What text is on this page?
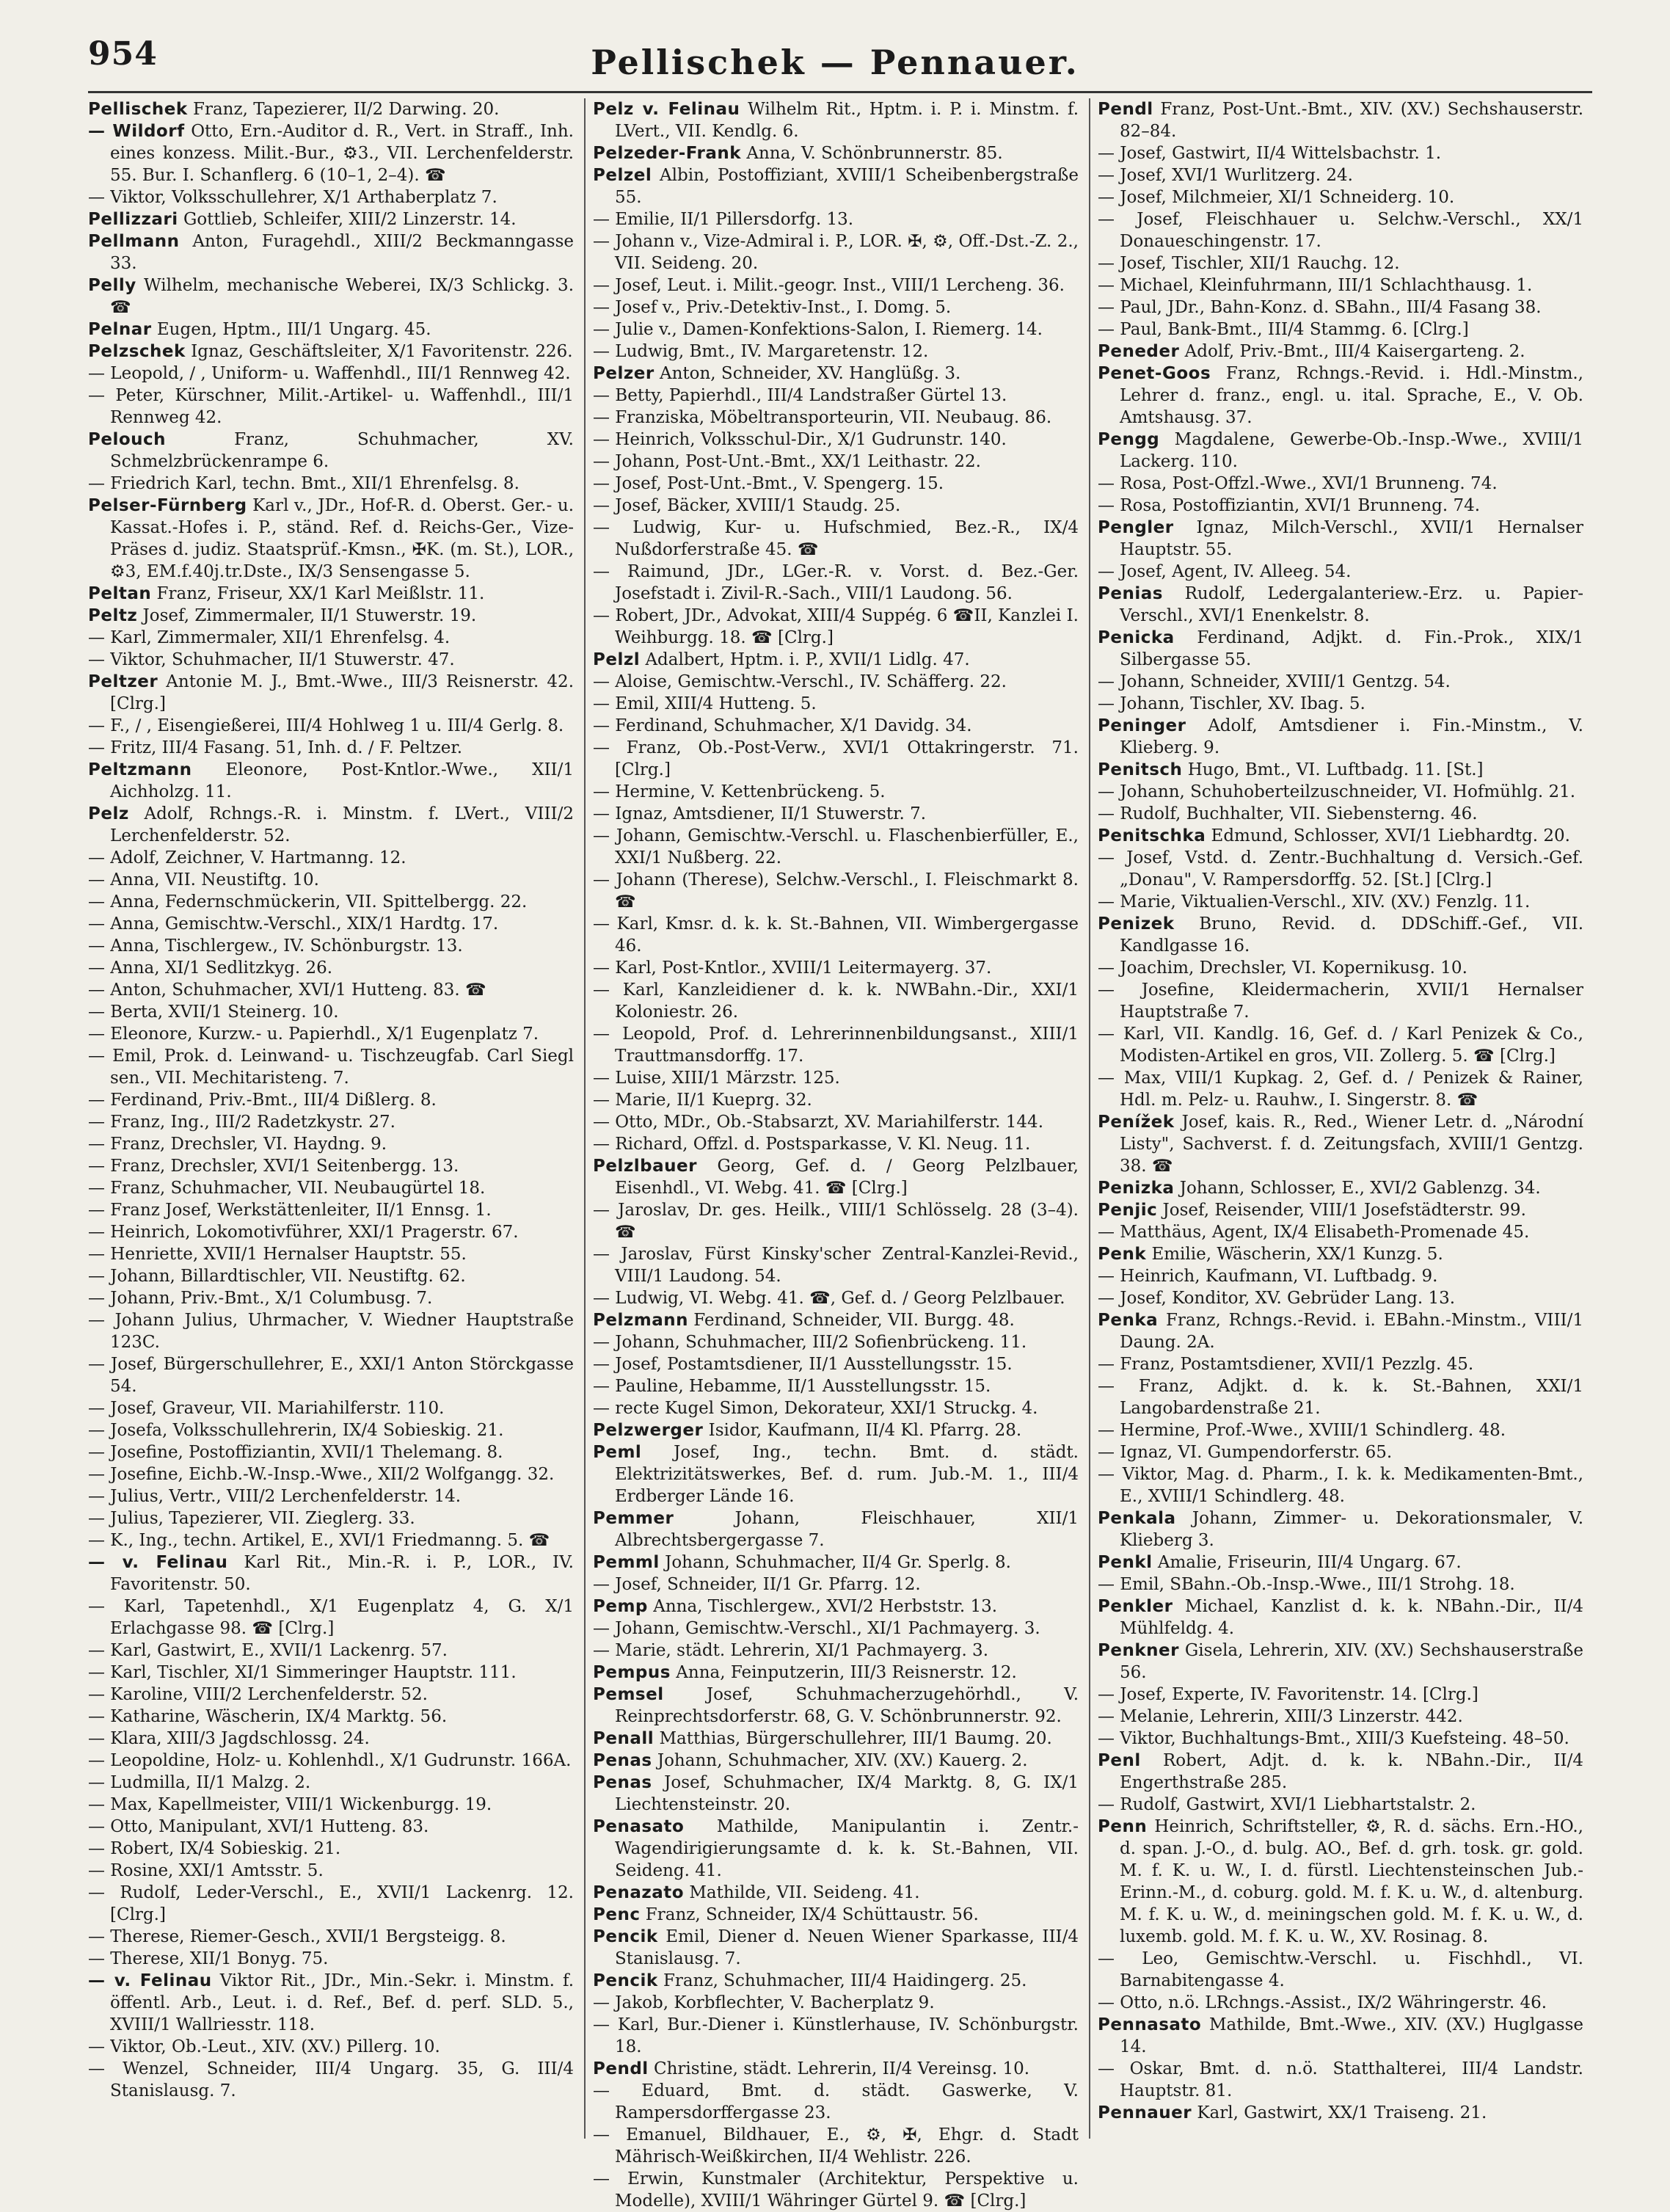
954	Pellischek — Pennauer.

Pellischek Franz, Tapezierer, II/2 Darwing. 20.

— Wildorf Otto, Ern.-Auditor d. R., Vert. in Straff., Inh. eines konzess. Milit.-Bur., ⚙3., VII. Lerchenfelderstr. 55. Bur. I. Schanflerg. 6 (10–1, 2–4). ☎

— Viktor, Volksschullehrer, X/1 Arthaberplatz 7.

Pellizzari Gottlieb, Schleifer, XIII/2 Linzerstr. 14.

Pellmann Anton, Furagehdl., XIII/2 Beckmanngasse 33.

Pelly Wilhelm, mechanische Weberei, IX/3 Schlickg. 3. ☎

Pelnar Eugen, Hptm., III/1 Ungarg. 45.

Pelzschek Ignaz, Geschäftsleiter, X/1 Favoritenstr. 226.

— Leopold, ∕ , Uniform- u. Waffenhdl., III/1 Rennweg 42.

— Peter, Kürschner, Milit.-Artikel- u. Waffenhdl., III/1 Rennweg 42.

Pelouch	Franz, Schuhmacher, XV. Schmelzbrückenrampe 6.

— Friedrich Karl, techn. Bmt., XII/1 Ehrenfelsg. 8.

Pelser-Fürnberg Karl v., JDr., Hof-R. d. Oberst. Ger.- u. Kassat.-Hofes i. P., ständ. Ref. d. Reichs-Ger., Vize-Präses d. judiz. Staatsprüf.-Kmsn., ✠K. (m. St.), LOR., ⚙3, EM.f.40j.tr.Dste., IX/3 Sensengasse 5.

Peltan Franz, Friseur, XX/1 Karl Meißlstr. 11.

Peltz Josef, Zimmermaler, II/1 Stuwerstr. 19.

— Karl, Zimmermaler, XII/1 Ehrenfelsg. 4.

— Viktor, Schuhmacher, II/1 Stuwerstr. 47.

Peltzer Antonie M. J., Bmt.-Wwe., III/3 Reisnerstr. 42. [Clrg.]

— F., ∕ , Eisengießerei, III/4 Hohlweg 1 u. III/4 Gerlg. 8.

— Fritz, III/4 Fasang. 51, Inh. d. ∕ F. Peltzer.

Peltzmann Eleonore, Post-Kntlor.-Wwe., XII/1 Aichholzg. 11.

Pelz Adolf, Rchngs.-R. i. Minstm. f. LVert., VIII/2 Lerchenfelderstr. 52.

— Adolf, Zeichner, V. Hartmanng. 12.

— Anna, VII. Neustiftg. 10.

— Anna, Federnschmückerin, VII. Spittelbergg. 22.

— Anna, Gemischtw.-Verschl., XIX/1 Hardtg. 17.

— Anna, Tischlergew., IV. Schönburgstr. 13.

— Anna, XI/1 Sedlitzkyg. 26.

— Anton, Schuhmacher, XVI/1 Hutteng. 83. ☎

— Berta, XVII/1 Steinerg. 10.

— Eleonore, Kurzw.- u. Papierhdl., X/1 Eugenplatz 7.

— Emil, Prok. d. Leinwand- u. Tischzeugfab. Carl Siegl sen., VII. Mechitaristeng. 7.

— Ferdinand, Priv.-Bmt., III/4 Dißlerg. 8.

— Franz, Ing., III/2 Radetzkystr. 27.

— Franz, Drechsler, VI. Haydng. 9.

— Franz, Drechsler, XVI/1 Seitenbergg. 13.

— Franz, Schuhmacher, VII. Neubaugürtel 18.

— Franz Josef, Werkstättenleiter, II/1 Ennsg. 1.

— Heinrich, Lokomotivführer, XXI/1 Pragerstr. 67.

— Henriette, XVII/1 Hernalser Hauptstr. 55.

— Johann, Billardtischler, VII. Neustiftg. 62.

— Johann, Priv.-Bmt., X/1 Columbusg. 7.

— Johann Julius, Uhrmacher, V. Wiedner Hauptstraße 123C.

— Josef, Bürgerschullehrer, E., XXI/1 Anton Störckgasse 54.

— Josef, Graveur, VII. Mariahilferstr. 110.

— Josefa, Volksschullehrerin, IX/4 Sobieskig. 21.

— Josefine, Postoffiziantin, XVII/1 Thelemang. 8.

— Josefine, Eichb.-W.-Insp.-Wwe., XII/2 Wolfgangg. 32.

— Julius, Vertr., VIII/2 Lerchenfelderstr. 14.

— Julius, Tapezierer, VII. Zieglerg. 33.

— K., Ing., techn. Artikel, E., XVI/1 Friedmanng. 5. ☎

— v. Felinau Karl Rit., Min.-R. i. P., LOR., IV. Favoritenstr. 50.

— Karl, Tapetenhdl., X/1 Eugenplatz 4, G. X/1 Erlachgasse 98. ☎ [Clrg.]

— Karl, Gastwirt, E., XVII/1 Lackenrg. 57.

— Karl, Tischler, XI/1 Simmeringer Hauptstr. 111.

— Karoline, VIII/2 Lerchenfelderstr. 52.

— Katharine, Wäscherin, IX/4 Marktg. 56.

— Klara, XIII/3 Jagdschlossg. 24.

— Leopoldine, Holz- u. Kohlenhdl., X/1 Gudrunstr. 166A.

— Ludmilla, II/1 Malzg. 2.

— Max, Kapellmeister, VIII/1 Wickenburgg. 19.

— Otto, Manipulant, XVI/1 Hutteng. 83.

— Robert, IX/4 Sobieskig. 21.

— Rosine, XXI/1 Amtsstr. 5.

— Rudolf, Leder-Verschl., E., XVII/1 Lackenrg. 12. [Clrg.]

— Therese, Riemer-Gesch., XVII/1 Bergsteigg. 8.

— Therese, XII/1 Bonyg. 75.

— v. Felinau Viktor Rit., JDr., Min.-Sekr. i. Minstm. f. öffentl. Arb., Leut. i. d. Ref., Bef. d. perf. SLD. 5., XVIII/1 Wallriesstr. 118.

— Viktor, Ob.-Leut., XIV. (XV.) Pillerg. 10.

— Wenzel, Schneider, III/4 Ungarg. 35, G. III/4 Stanislausg. 7.

Pelz v. Felinau Wilhelm Rit., Hptm. i. P. i. Minstm. f. LVert., VII. Kendlg. 6.

Pelzeder-Frank Anna, V. Schönbrunnerstr. 85.

Pelzel Albin, Postoffiziant, XVIII/1 Scheibenbergstraße 55.

— Emilie, II/1 Pillersdorfg. 13.

— Johann v., Vize-Admiral i. P., LOR. ✠, ⚙, Off.-Dst.-Z. 2., VII. Seideng. 20.

— Josef, Leut. i. Milit.-geogr. Inst., VIII/1 Lercheng. 36.

— Josef v., Priv.-Detektiv-Inst., I. Domg. 5.

— Julie v., Damen-Konfektions-Salon, I. Riemerg. 14.

— Ludwig, Bmt., IV. Margaretenstr. 12.

Pelzer Anton, Schneider, XV. Hanglüßg. 3.

— Betty, Papierhdl., III/4 Landstraßer Gürtel 13.

— Franziska, Möbeltransporteurin, VII. Neubaug. 86.

— Heinrich, Volksschul-Dir., X/1 Gudrunstr. 140.

— Johann, Post-Unt.-Bmt., XX/1 Leithastr. 22.

— Josef, Post-Unt.-Bmt., V. Spengerg. 15.

— Josef, Bäcker, XVIII/1 Staudg. 25.

— Ludwig, Kur- u. Hufschmied, Bez.-R., IX/4 Nußdorferstraße 45. ☎

— Raimund, JDr., LGer.-R. v. Vorst. d. Bez.-Ger. Josefstadt i. Zivil-R.-Sach., VIII/1 Laudong. 56.

— Robert, JDr., Advokat, XIII/4 Suppég. 6 ☎II, Kanzlei I. Weihburgg. 18. ☎ [Clrg.]

Pelzl Adalbert, Hptm. i. P., XVII/1 Lidlg. 47.

— Aloise, Gemischtw.-Verschl., IV. Schäfferg. 22.

— Emil, XIII/4 Hutteng. 5.

— Ferdinand, Schuhmacher, X/1 Davidg. 34.

— Franz, Ob.-Post-Verw., XVI/1 Ottakringerstr. 71. [Clrg.]

— Hermine, V. Kettenbrückeng. 5.

— Ignaz, Amtsdiener, II/1 Stuwerstr. 7.

— Johann, Gemischtw.-Verschl. u. Flaschenbierfüller, E., XXI/1 Nußberg. 22.

— Johann (Therese), Selchw.-Verschl., I. Fleischmarkt 8. ☎

— Karl, Kmsr. d. k. k. St.-Bahnen, VII. Wimbergergasse 46.

— Karl, Post-Kntlor., XVIII/1 Leitermayerg. 37.

— Karl, Kanzleidiener d. k. k. NWBahn.-Dir., XXI/1 Koloniestr. 26.

— Leopold, Prof. d. Lehrerinnenbildungsanst., XIII/1 Trauttmansdorffg. 17.

— Luise, XIII/1 Märzstr. 125.

— Marie, II/1 Kueprg. 32.

— Otto, MDr., Ob.-Stabsarzt, XV. Mariahilferstr. 144.

— Richard, Offzl. d. Postsparkasse, V. Kl. Neug. 11.

Pelzlbauer Georg, Gef. d. ∕ Georg Pelzlbauer, Eisenhdl., VI. Webg. 41. ☎ [Clrg.]

— Jaroslav, Dr. ges. Heilk., VIII/1 Schlösselg. 28 (3–4). ☎

— Jaroslav, Fürst Kinsky'scher Zentral-Kanzlei-Revid., VIII/1 Laudong. 54.

— Ludwig, VI. Webg. 41. ☎, Gef. d. ∕ Georg Pelzlbauer.

Pelzmann Ferdinand, Schneider, VII. Burgg. 48.

— Johann, Schuhmacher, III/2 Sofienbrückeng. 11.

— Josef, Postamtsdiener, II/1 Ausstellungsstr. 15.

— Pauline, Hebamme, II/1 Ausstellungsstr. 15.

— recte Kugel Simon, Dekorateur, XXI/1 Struckg. 4.

Pelzwerger Isidor, Kaufmann, II/4 Kl. Pfarrg. 28.

Peml Josef, Ing., techn. Bmt. d. städt. Elektrizitätswerkes, Bef. d. rum. Jub.-M. 1., III/4 Erdberger Lände 16.

Pemmer	Johann, Fleischhauer, XII/1 Albrechtsbergergasse 7.

Pemml Johann, Schuhmacher, II/4 Gr. Sperlg. 8.

— Josef, Schneider, II/1 Gr. Pfarrg. 12.

Pemp Anna, Tischlergew., XVI/2 Herbststr. 13.

— Johann, Gemischtw.-Verschl., XI/1 Pachmayerg. 3.

— Marie, städt. Lehrerin, XI/1 Pachmayerg. 3.

Pempus Anna, Feinputzerin, III/3 Reisnerstr. 12.

Pemsel	Josef, Schuhmacherzugehörhdl., V. Reinprechtsdorferstr. 68, G. V. Schönbrunnerstr. 92.

Penall Matthias, Bürgerschullehrer, III/1 Baumg. 20.

Penas Johann, Schuhmacher, XIV. (XV.) Kauerg. 2.

Penas Josef, Schuhmacher, IX/4 Marktg. 8, G. IX/1 Liechtensteinstr. 20.

Penasato Mathilde, Manipulantin i. Zentr.-Wagendirigierungsamte d. k. k. St.-Bahnen, VII. Seideng. 41.

Penazato Mathilde, VII. Seideng. 41.

Penc Franz, Schneider, IX/4 Schüttaustr. 56.

Pencik Emil, Diener d. Neuen Wiener Sparkasse, III/4 Stanislausg. 7.

Pencik Franz, Schuhmacher, III/4 Haidingerg. 25.

— Jakob, Korbflechter, V. Bacherplatz 9.

— Karl, Bur.-Diener i. Künstlerhause, IV. Schönburgstr. 18.

Pendl Christine, städt. Lehrerin, II/4 Vereinsg. 10.

— Eduard, Bmt. d. städt. Gaswerke, V. Rampersdorffergasse 23.

— Emanuel, Bildhauer, E., ⚙, ✠, Ehgr. d. Stadt Mährisch-Weißkirchen, II/4 Wehlistr. 226.

— Erwin, Kunstmaler (Architektur, Perspektive u. Modelle), XVIII/1 Währinger Gürtel 9. ☎ [Clrg.]

Pendl Franz, Post-Unt.-Bmt., XIV. (XV.) Sechshauserstr. 82–84.

— Josef, Gastwirt, II/4 Wittelsbachstr. 1.

— Josef, XVI/1 Wurlitzerg. 24.

— Josef, Milchmeier, XI/1 Schneiderg. 10.

— Josef, Fleischhauer u. Selchw.-Verschl., XX/1 Donaueschingenstr. 17.

— Josef, Tischler, XII/1 Rauchg. 12.

— Michael, Kleinfuhrmann, III/1 Schlachthausg. 1.

— Paul, JDr., Bahn-Konz. d. SBahn., III/4 Fasang 38.

— Paul, Bank-Bmt., III/4 Stammg. 6. [Clrg.]

Peneder Adolf, Priv.-Bmt., III/4 Kaisergarteng. 2.

Penet-Goos Franz, Rchngs.-Revid. i. Hdl.-Minstm., Lehrer d. franz., engl. u. ital. Sprache, E., V. Ob. Amtshausg. 37.

Pengg Magdalene, Gewerbe-Ob.-Insp.-Wwe., XVIII/1 Lackerg. 110.

— Rosa, Post-Offzl.-Wwe., XVI/1 Brunneng. 74.

— Rosa, Postoffiziantin, XVI/1 Brunneng. 74.

Pengler Ignaz, Milch-Verschl., XVII/1 Hernalser Hauptstr. 55.

— Josef, Agent, IV. Alleeg. 54.

Penias Rudolf, Ledergalanteriew.-Erz. u. Papier-Verschl., XVI/1 Enenkelstr. 8.

Penicka Ferdinand, Adjkt. d. Fin.-Prok., XIX/1 Silbergasse 55.

— Johann, Schneider, XVIII/1 Gentzg. 54.

— Johann, Tischler, XV. Ibag. 5.

Peninger Adolf, Amtsdiener i. Fin.-Minstm., V. Klieberg. 9.

Penitsch Hugo, Bmt., VI. Luftbadg. 11. [St.]

— Johann, Schuhoberteilzuschneider, VI. Hofmühlg. 21.

— Rudolf, Buchhalter, VII. Siebensterng. 46.

Penitschka Edmund, Schlosser, XVI/1 Liebhardtg. 20.

— Josef, Vstd. d. Zentr.-Buchhaltung d. Versich.-Gef. „Donau", V. Rampersdorffg. 52. [St.] [Clrg.]

— Marie, Viktualien-Verschl., XIV. (XV.) Fenzlg. 11.

Penizek Bruno, Revid. d. DDSchiff.-Gef., VII. Kandlgasse 16.

— Joachim, Drechsler, VI. Kopernikusg. 10.

— Josefine, Kleidermacherin, XVII/1 Hernalser Hauptstraße 7.

— Karl, VII. Kandlg. 16, Gef. d. ∕ Karl Penizek & Co., Modisten-Artikel en gros, VII. Zollerg. 5. ☎ [Clrg.]

— Max, VIII/1 Kupkag. 2, Gef. d. ∕ Penizek & Rainer, Hdl. m. Pelz- u. Rauhw., I. Singerstr. 8. ☎

Penížek Josef, kais. R., Red., Wiener Letr. d. „Národní Listy", Sachverst. f. d. Zeitungsfach, XVIII/1 Gentzg. 38. ☎

Penizka Johann, Schlosser, E., XVI/2 Gablenzg. 34.

Penjic Josef, Reisender, VIII/1 Josefstädterstr. 99.

— Matthäus, Agent, IX/4 Elisabeth-Promenade 45.

Penk Emilie, Wäscherin, XX/1 Kunzg. 5.

— Heinrich, Kaufmann, VI. Luftbadg. 9.

— Josef, Konditor, XV. Gebrüder Lang. 13.

Penka Franz, Rchngs.-Revid. i. EBahn.-Minstm., VIII/1 Daung. 2A.

— Franz, Postamtsdiener, XVII/1 Pezzlg. 45.

— Franz, Adjkt. d. k. k. St.-Bahnen, XXI/1 Langobardenstraße 21.

— Hermine, Prof.-Wwe., XVIII/1 Schindlerg. 48.

— Ignaz, VI. Gumpendorferstr. 65.

— Viktor, Mag. d. Pharm., I. k. k. Medikamenten-Bmt., E., XVIII/1 Schindlerg. 48.

Penkala Johann, Zimmer- u. Dekorationsmaler, V. Klieberg 3.

Penkl Amalie, Friseurin, III/4 Ungarg. 67.

— Emil, SBahn.-Ob.-Insp.-Wwe., III/1 Strohg. 18.

Penkler Michael, Kanzlist d. k. k. NBahn.-Dir., II/4 Mühlfeldg. 4.

Penkner Gisela, Lehrerin, XIV. (XV.) Sechshauserstraße 56.

— Josef, Experte, IV. Favoritenstr. 14. [Clrg.]

— Melanie, Lehrerin, XIII/3 Linzerstr. 442.

— Viktor, Buchhaltungs-Bmt., XIII/3 Kuefsteing. 48–50.

Penl Robert, Adjt. d. k. k. NBahn.-Dir., II/4 Engerthstraße 285.

— Rudolf, Gastwirt, XVI/1 Liebhartstalstr. 2.

Penn Heinrich, Schriftsteller, ⚙, R. d. sächs. Ern.-HO., d. span. J.-O., d. bulg. AO., Bef. d. grh. tosk. gr. gold. M. f. K. u. W., I. d. fürstl. Liechtensteinschen Jub.-Erinn.-M., d. coburg. gold. M. f. K. u. W., d. altenburg. M. f. K. u. W., d. meiningschen gold. M. f. K. u. W., d. luxemb. gold. M. f. K. u. W., XV. Rosinag. 8.

— Leo, Gemischtw.-Verschl. u. Fischhdl., VI. Barnabitengasse 4.

— Otto, n.ö. LRchngs.-Assist., IX/2 Währingerstr. 46.

Pennasato Mathilde, Bmt.-Wwe., XIV. (XV.) Huglgasse 14.

— Oskar, Bmt. d. n.ö. Statthalterei, III/4 Landstr. Hauptstr. 81.

Pennauer Karl, Gastwirt, XX/1 Traiseng. 21.
